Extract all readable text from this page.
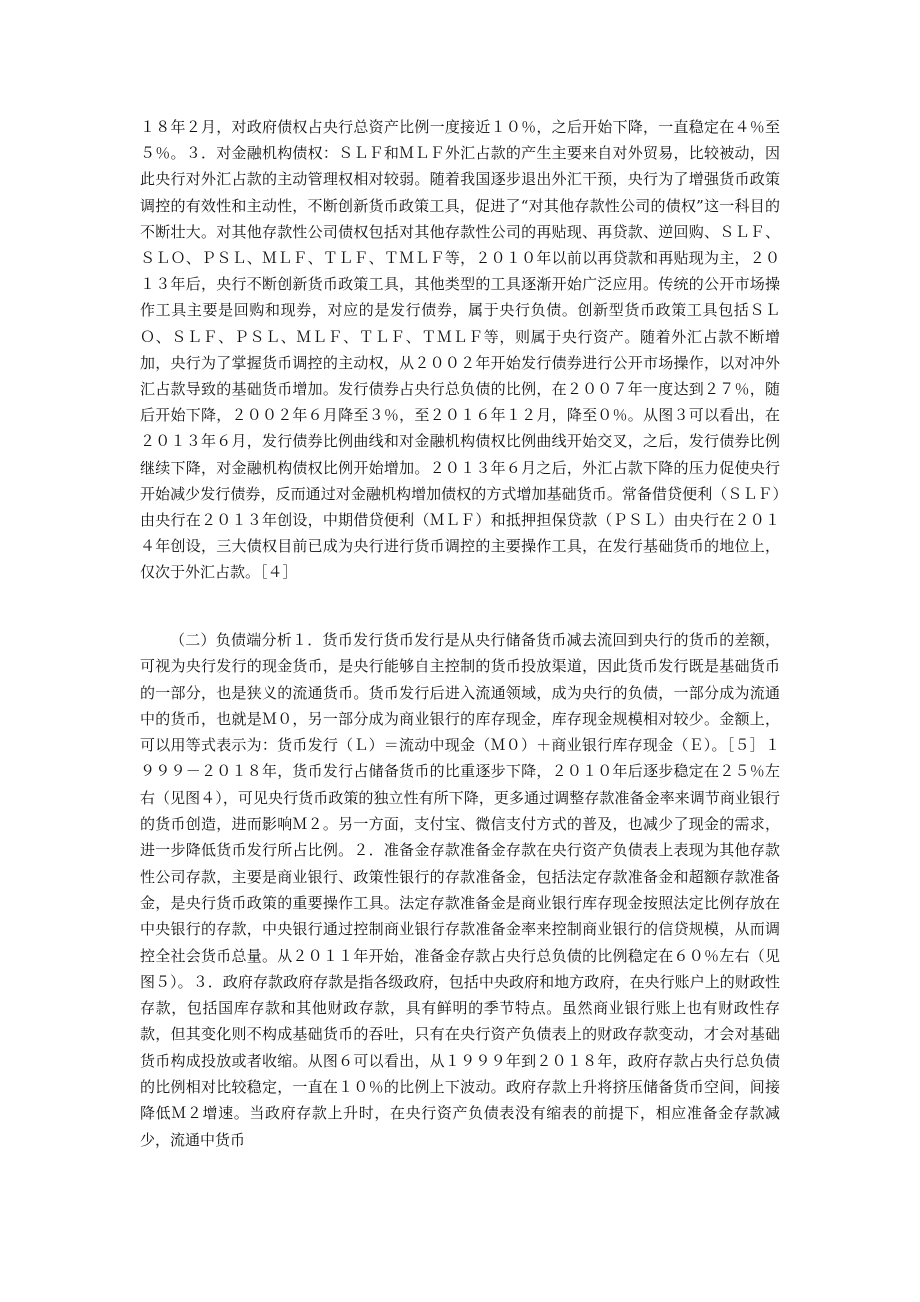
１８年２月，对政府债权占央行总资产比例一度接近１０％，之后开始下降，一直稳定在４％至５％。３．对金融机构债权：ＳＬＦ和ＭＬＦ外汇占款的产生主要来自对外贸易，比较被动，因此央行对外汇占款的主动管理权相对较弱。随着我国逐步退出外汇干预，央行为了增强货币政策调控的有效性和主动性，不断创新货币政策工具，促进了“对其他存款性公司的债权”这一科目的不断壮大。对其他存款性公司债权包括对其他存款性公司的再贴现、再贷款、逆回购、ＳＬＦ、ＳＬＯ、ＰＳＬ、ＭＬＦ、ＴＬＦ、ＴＭＬＦ等，２０１０年以前以再贷款和再贴现为主，２０１３年后，央行不断创新货币政策工具，其他类型的工具逐渐开始广泛应用。传统的公开市场操作工具主要是回购和现券，对应的是发行债券，属于央行负债。创新型货币政策工具包括ＳＬＯ、ＳＬＦ、ＰＳＬ、ＭＬＦ、ＴＬＦ、ＴＭＬＦ等，则属于央行资产。随着外汇占款不断增加，央行为了掌握货币调控的主动权，从２００２年开始发行债券进行公开市场操作，以对冲外汇占款导致的基础货币增加。发行债券占央行总负债的比例，在２００７年一度达到２７％，随后开始下降，２００２年６月降至３％，至２０１６年１２月，降至０％。从图３可以看出，在２０１３年６月，发行债券比例曲线和对金融机构债权比例曲线开始交叉，之后，发行债券比例继续下降，对金融机构债权比例开始增加。２０１３年６月之后，外汇占款下降的压力促使央行开始减少发行债券，反而通过对金融机构增加债权的方式增加基础货币。常备借贷便利（ＳＬＦ）由央行在２０１３年创设，中期借贷便利（ＭＬＦ）和抵押担保贷款（ＰＳＬ）由央行在２０１４年创设，三大债权目前已成为央行进行货币调控的主要操作工具，在发行基础货币的地位上，仅次于外汇占款。［４］

（二）负债端分析１．货币发行货币发行是从央行储备货币减去流回到央行的货币的差额，可视为央行发行的现金货币，是央行能够自主控制的货币投放渠道，因此货币发行既是基础货币的一部分，也是狭义的流通货币。货币发行后进入流通领域，成为央行的负债，一部分成为流通中的货币，也就是Ｍ０，另一部分成为商业银行的库存现金，库存现金规模相对较少。金额上，可以用等式表示为：货币发行（Ｌ）＝流动中现金（Ｍ０）＋商业银行库存现金（Ｅ）。［５］１９９９－２０１８年，货币发行占储备货币的比重逐步下降，２０１０年后逐步稳定在２５％左右（见图４），可见央行货币政策的独立性有所下降，更多通过调整存款准备金率来调节商业银行的货币创造，进而影响Ｍ２。另一方面，支付宝、微信支付方式的普及，也减少了现金的需求，进一步降低货币发行所占比例。２．准备金存款准备金存款在央行资产负债表上表现为其他存款性公司存款，主要是商业银行、政策性银行的存款准备金，包括法定存款准备金和超额存款准备金，是央行货币政策的重要操作工具。法定存款准备金是商业银行库存现金按照法定比例存放在中央银行的存款，中央银行通过控制商业银行存款准备金率来控制商业银行的信贷规模，从而调控全社会货币总量。从２０１１年开始，准备金存款占央行总负债的比例稳定在６０％左右（见图５）。３．政府存款政府存款是指各级政府，包括中央政府和地方政府，在央行账户上的财政性存款，包括国库存款和其他财政存款，具有鲜明的季节特点。虽然商业银行账上也有财政性存款，但其变化则不构成基础货币的吞吐，只有在央行资产负债表上的财政存款变动，才会对基础货币构成投放或者收缩。从图６可以看出，从１９９９年到２０１８年，政府存款占央行总负债的比例相对比较稳定，一直在１０％的比例上下波动。政府存款上升将挤压储备货币空间，间接降低Ｍ２增速。当政府存款上升时，在央行资产负债表没有缩表的前提下，相应准备金存款减少，流通中货币
